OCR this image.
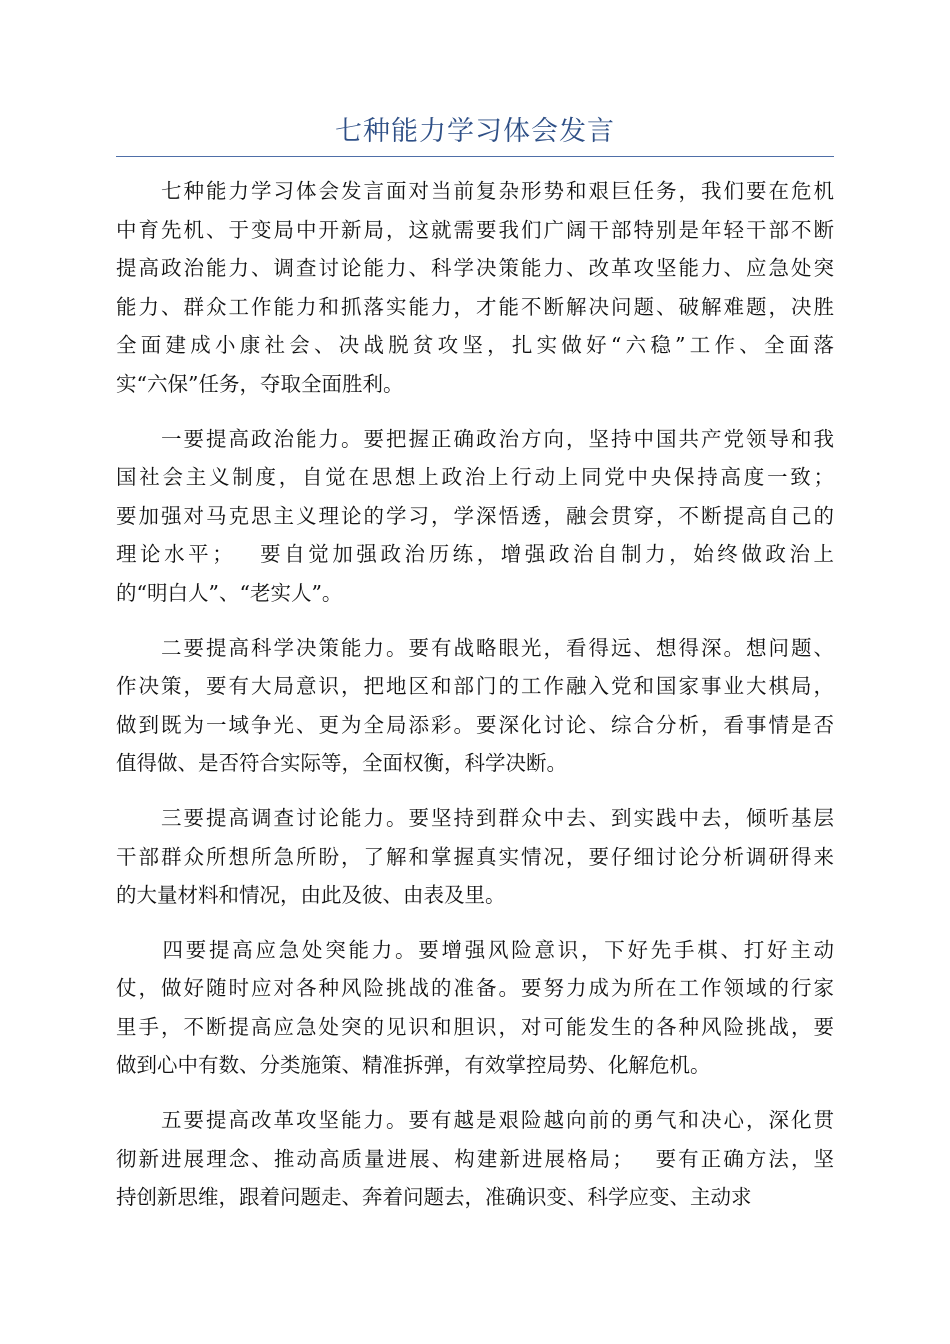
七种能力学习体会发言

　　七种能力学习体会发言面对当前复杂形势和艰巨任务，我们要在危机
中育先机、于变局中开新局，这就需要我们广阔干部特别是年轻干部不断
提高政治能力、调查讨论能力、科学决策能力、改革攻坚能力、应急处突
能力、群众工作能力和抓落实能力，才能不断解决问题、破解难题，决胜
全面建成小康社会、决战脱贫攻坚，扎实做好“六稳”工作、全面落
实“六保”任务，夺取全面胜利。

　　一要提高政治能力。要把握正确政治方向，坚持中国共产党领导和我
国社会主义制度，自觉在思想上政治上行动上同党中央保持高度一致；
要加强对马克思主义理论的学习，学深悟透，融会贯穿，不断提高自己的
理论水平；　 要自觉加强政治历练，增强政治自制力，始终做政治上
的“明白人”、“老实人”。

　　二要提高科学决策能力。要有战略眼光，看得远、想得深。想问题、
作决策，要有大局意识，把地区和部门的工作融入党和国家事业大棋局，
做到既为一域争光、更为全局添彩。要深化讨论、综合分析，看事情是否
值得做、是否符合实际等，全面权衡，科学决断。

　　三要提高调查讨论能力。要坚持到群众中去、到实践中去，倾听基层
干部群众所想所急所盼，了解和掌握真实情况，要仔细讨论分析调研得来
的大量材料和情况，由此及彼、由表及里。

　　四要提高应急处突能力。要增强风险意识，下好先手棋、打好主动
仗，做好随时应对各种风险挑战的准备。要努力成为所在工作领域的行家
里手，不断提高应急处突的见识和胆识，对可能发生的各种风险挑战，要
做到心中有数、分类施策、精准拆弹，有效掌控局势、化解危机。

　　五要提高改革攻坚能力。要有越是艰险越向前的勇气和决心，深化贯
彻新进展理念、推动高质量进展、构建新进展格局；　 要有正确方法，坚
持创新思维，跟着问题走、奔着问题去，准确识变、科学应变、主动求
